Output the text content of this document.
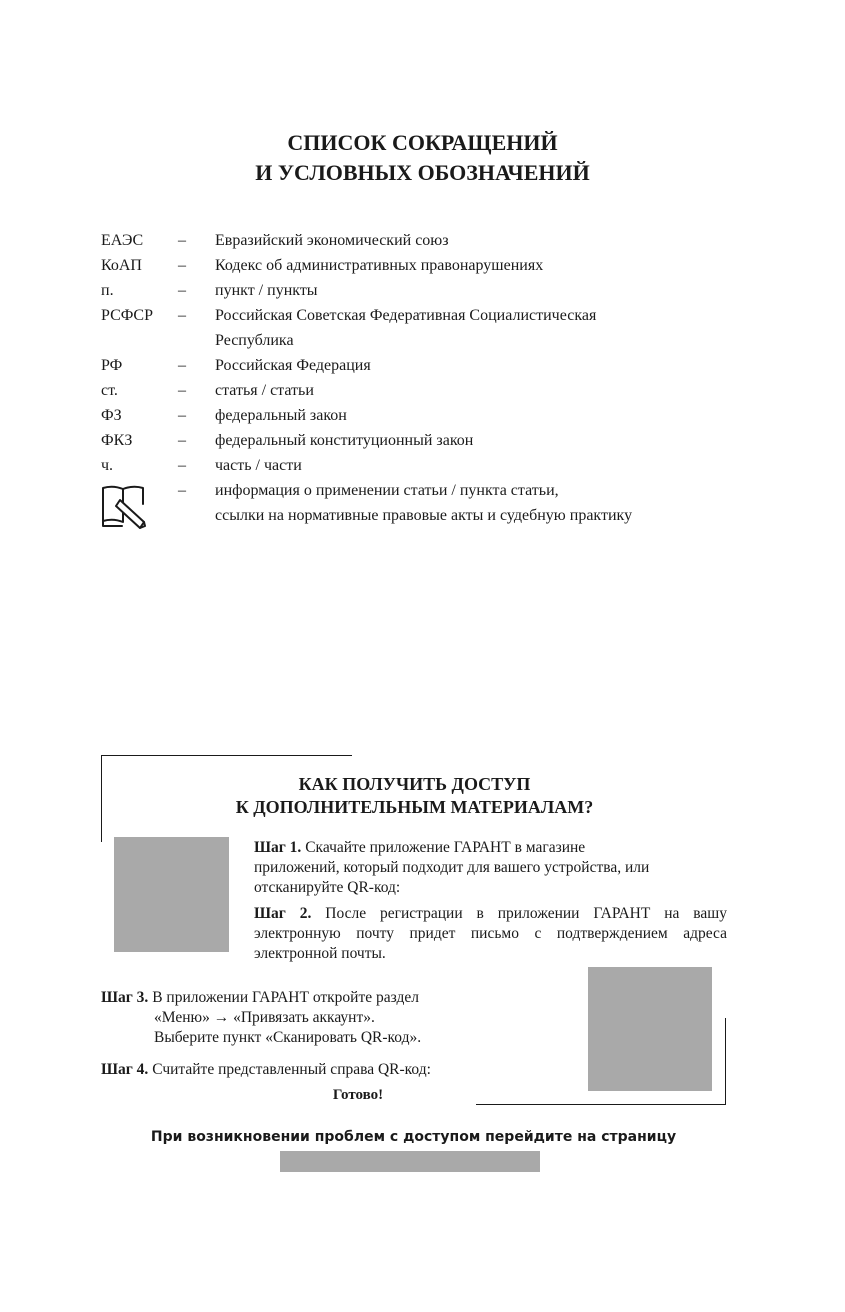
СПИСОК СОКРАЩЕНИЙ
И УСЛОВНЫХ ОБОЗНАЧЕНИЙ
ЕАЭС	–	Евразийский экономический союз
КоАП	–	Кодекс об административных правонарушениях
п.	–	пункт / пункты
РСФСР	–	Российская Советская Федеративная Социалистическая
Республика
РФ	–	Российская Федерация
ст.	–	статья / статьи
ФЗ	–	федеральный закон
ФКЗ	–	федеральный конституционный закон
ч.	–	часть / части
–	информация о применении статьи / пункта статьи,
ссылки на нормативные правовые акты и судебную практику
КАК ПОЛУЧИТЬ ДОСТУП
К ДОПОЛНИТЕЛЬНЫМ МАТЕРИАЛАМ?
Шаг 1. Скачайте приложение ГАРАНТ в магазине
приложений, который подходит для вашего устройства, или
отсканируйте QR-код:
Шаг 2. После регистрации в приложении ГАРАНТ на вашу электронную почту придет письмо с подтверждением адреса электронной почты.
Шаг 3. В приложении ГАРАНТ откройте раздел
«Меню» → «Привязать аккаунт».
Выберите пункт «Сканировать QR-код».
Шаг 4. Считайте представленный справа QR-код:
Готово!
При возникновении проблем с доступом перейдите на страницу
